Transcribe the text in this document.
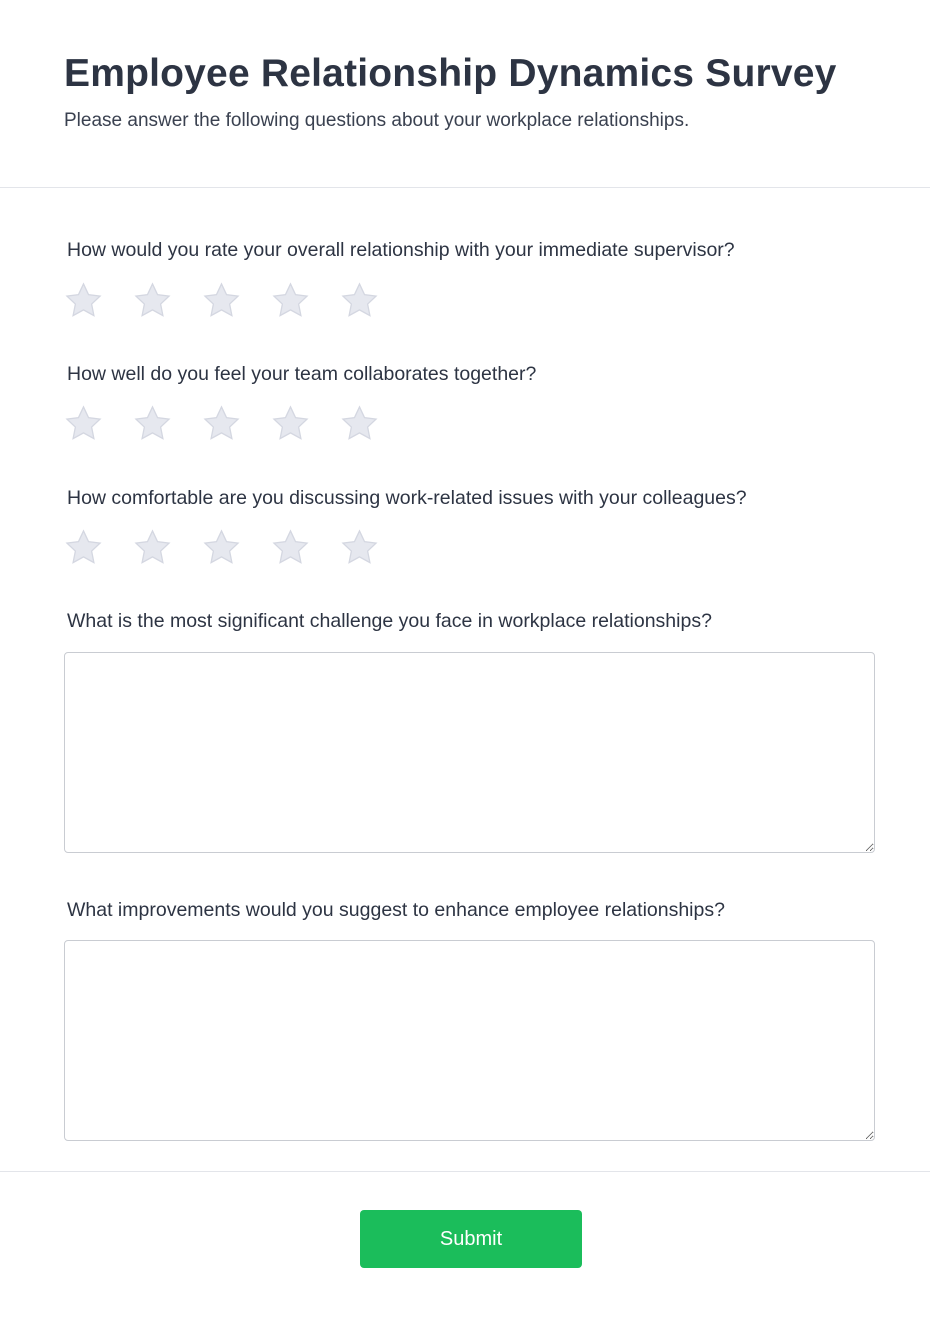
Employee Relationship Dynamics Survey

Please answer the following questions about your workplace relationships.

How would you rate your overall relationship with your immediate supervisor?

How well do you feel your team collaborates together?

How comfortable are you discussing work-related issues with your colleagues?

What is the most significant challenge you face in workplace relationships?

What improvements would you suggest to enhance employee relationships?

Submit
